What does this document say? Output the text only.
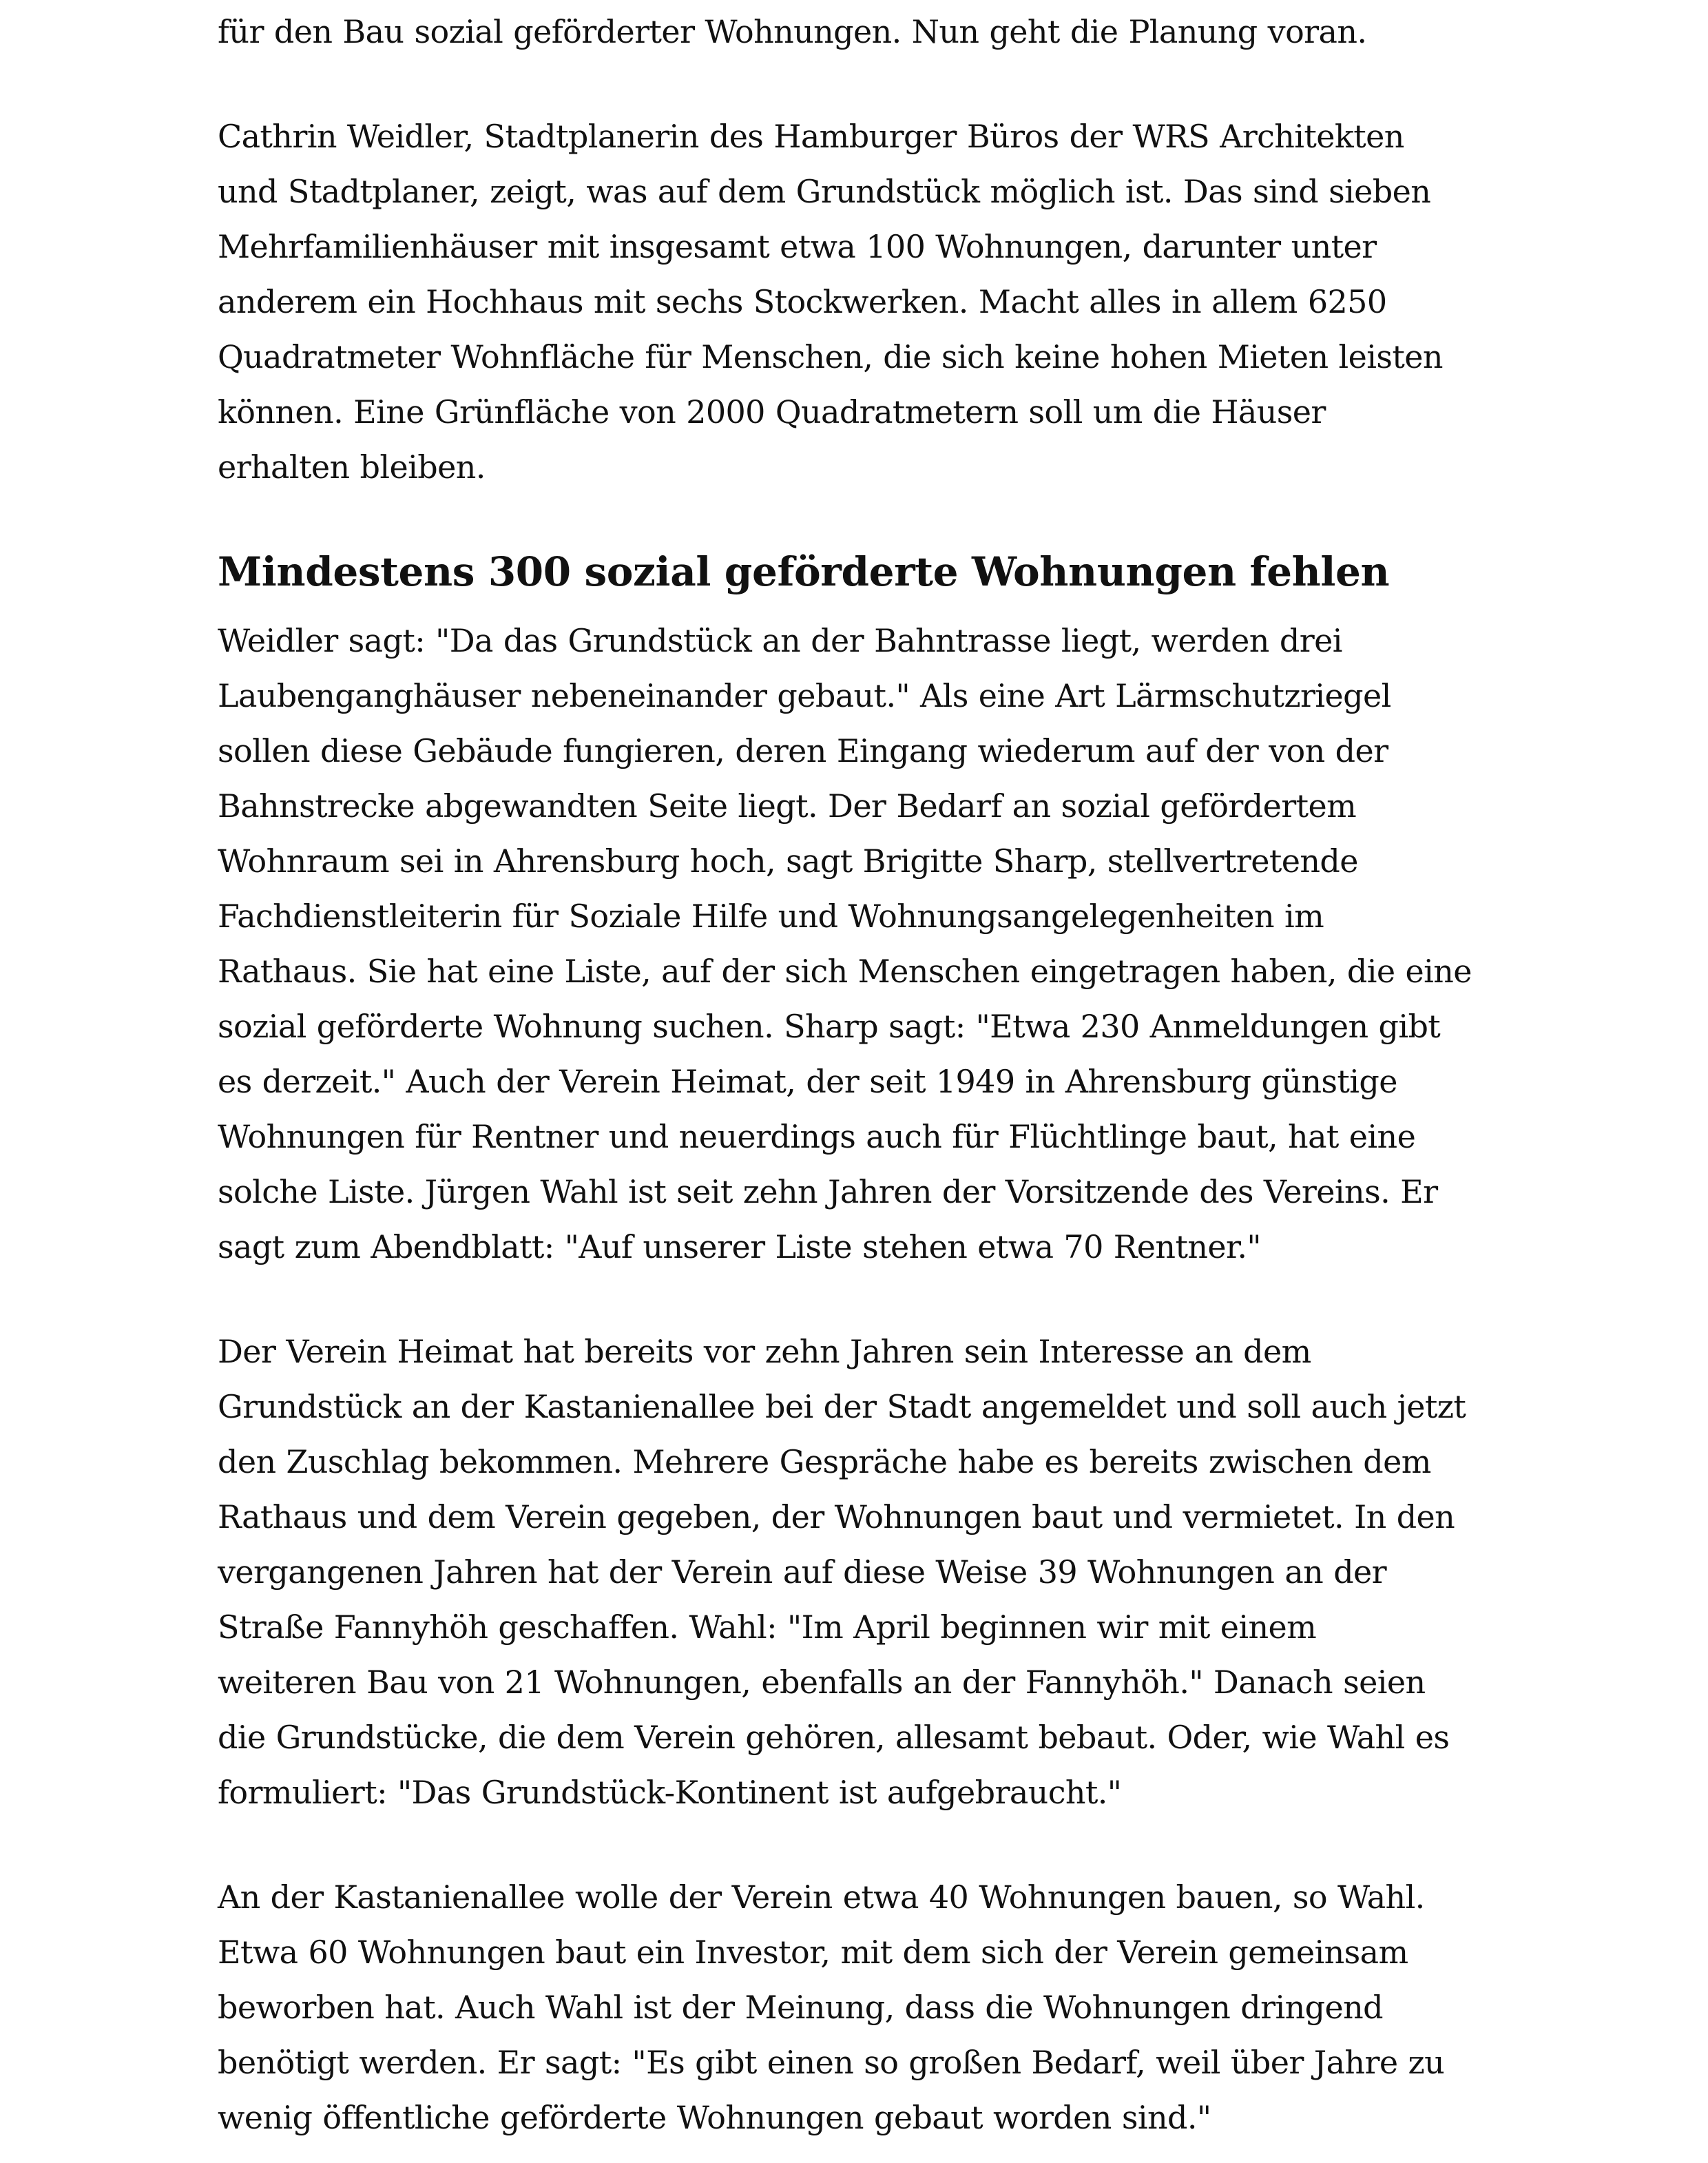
für den Bau sozial geförderter Wohnungen. Nun geht die Planung voran.

Cathrin Weidler, Stadtplanerin des Hamburger Büros der WRS Architekten
und Stadtplaner, zeigt, was auf dem Grundstück möglich ist. Das sind sieben
Mehrfamilienhäuser mit insgesamt etwa 100 Wohnungen, darunter unter
anderem ein Hochhaus mit sechs Stockwerken. Macht alles in allem 6250
Quadratmeter Wohnfläche für Menschen, die sich keine hohen Mieten leisten
können. Eine Grünfläche von 2000 Quadratmetern soll um die Häuser
erhalten bleiben.

Mindestens 300 sozial geförderte Wohnungen fehlen

Weidler sagt: "Da das Grundstück an der Bahntrasse liegt, werden drei
Laubenganghäuser nebeneinander gebaut." Als eine Art Lärmschutzriegel
sollen diese Gebäude fungieren, deren Eingang wiederum auf der von der
Bahnstrecke abgewandten Seite liegt. Der Bedarf an sozial gefördertem
Wohnraum sei in Ahrensburg hoch, sagt Brigitte Sharp, stellvertretende
Fachdienstleiterin für Soziale Hilfe und Wohnungsangelegenheiten im
Rathaus. Sie hat eine Liste, auf der sich Menschen eingetragen haben, die eine
sozial geförderte Wohnung suchen. Sharp sagt: "Etwa 230 Anmeldungen gibt
es derzeit." Auch der Verein Heimat, der seit 1949 in Ahrensburg günstige
Wohnungen für Rentner und neuerdings auch für Flüchtlinge baut, hat eine
solche Liste. Jürgen Wahl ist seit zehn Jahren der Vorsitzende des Vereins. Er
sagt zum Abendblatt: "Auf unserer Liste stehen etwa 70 Rentner."

Der Verein Heimat hat bereits vor zehn Jahren sein Interesse an dem
Grundstück an der Kastanienallee bei der Stadt angemeldet und soll auch jetzt
den Zuschlag bekommen. Mehrere Gespräche habe es bereits zwischen dem
Rathaus und dem Verein gegeben, der Wohnungen baut und vermietet. In den
vergangenen Jahren hat der Verein auf diese Weise 39 Wohnungen an der
Straße Fannyhöh geschaffen. Wahl: "Im April beginnen wir mit einem
weiteren Bau von 21 Wohnungen, ebenfalls an der Fannyhöh." Danach seien
die Grundstücke, die dem Verein gehören, allesamt bebaut. Oder, wie Wahl es
formuliert: "Das Grundstück-Kontinent ist aufgebraucht."

An der Kastanienallee wolle der Verein etwa 40 Wohnungen bauen, so Wahl.
Etwa 60 Wohnungen baut ein Investor, mit dem sich der Verein gemeinsam
beworben hat. Auch Wahl ist der Meinung, dass die Wohnungen dringend
benötigt werden. Er sagt: "Es gibt einen so großen Bedarf, weil über Jahre zu
wenig öffentliche geförderte Wohnungen gebaut worden sind."
